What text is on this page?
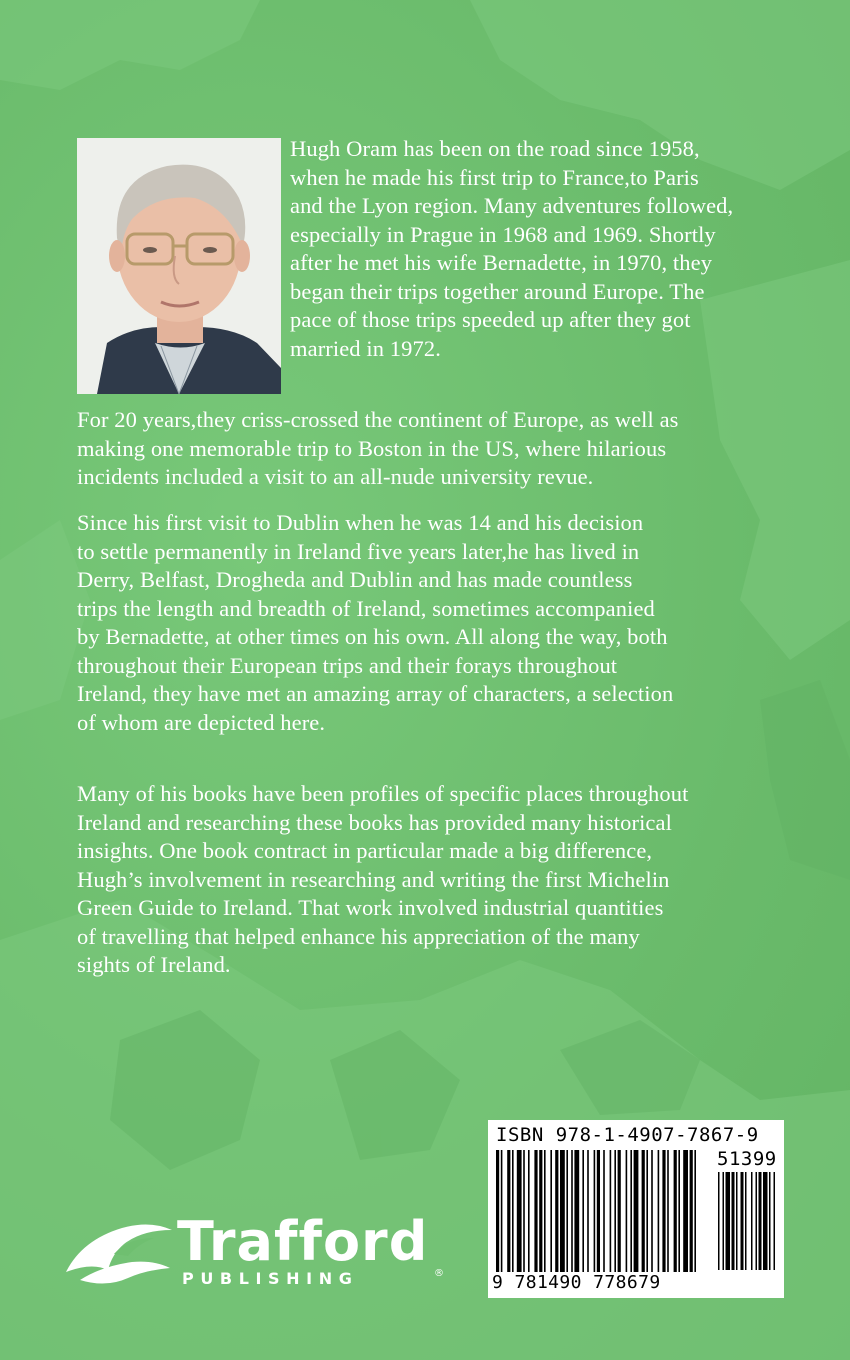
Hugh Oram has been on the road since 1958,
when he made his first trip to France,to Paris
and the Lyon region. Many adventures followed,
especially in Prague in 1968 and 1969. Shortly
after he met his wife Bernadette, in 1970, they
began their trips together around Europe. The
pace of those trips speeded up after they got
married in 1972.

For 20 years,they criss-crossed the continent of Europe, as well as
making one memorable trip to Boston in the US, where hilarious
incidents included a visit to an all-nude university revue.

Since his first visit to Dublin when he was 14 and his decision
to settle permanently in Ireland five years later,he has lived in
Derry, Belfast, Drogheda and Dublin and has made countless
trips the length and breadth of Ireland, sometimes accompanied
by Bernadette, at other times on his own. All along the way, both
throughout their European trips and their forays throughout
Ireland, they have met an amazing array of characters, a selection
of whom are depicted here.

Many of his books have been profiles of specific places throughout
Ireland and researching these books has provided many historical
insights. One book contract in particular made a big difference,
Hugh’s involvement in researching and writing the first Michelin
Green Guide to Ireland. That work involved industrial quantities
of travelling that helped enhance his appreciation of the many
sights of Ireland.

Trafford
PUBLISHING	®
ISBN 978-1-4907-7867-9
51399
9 781490 778679
